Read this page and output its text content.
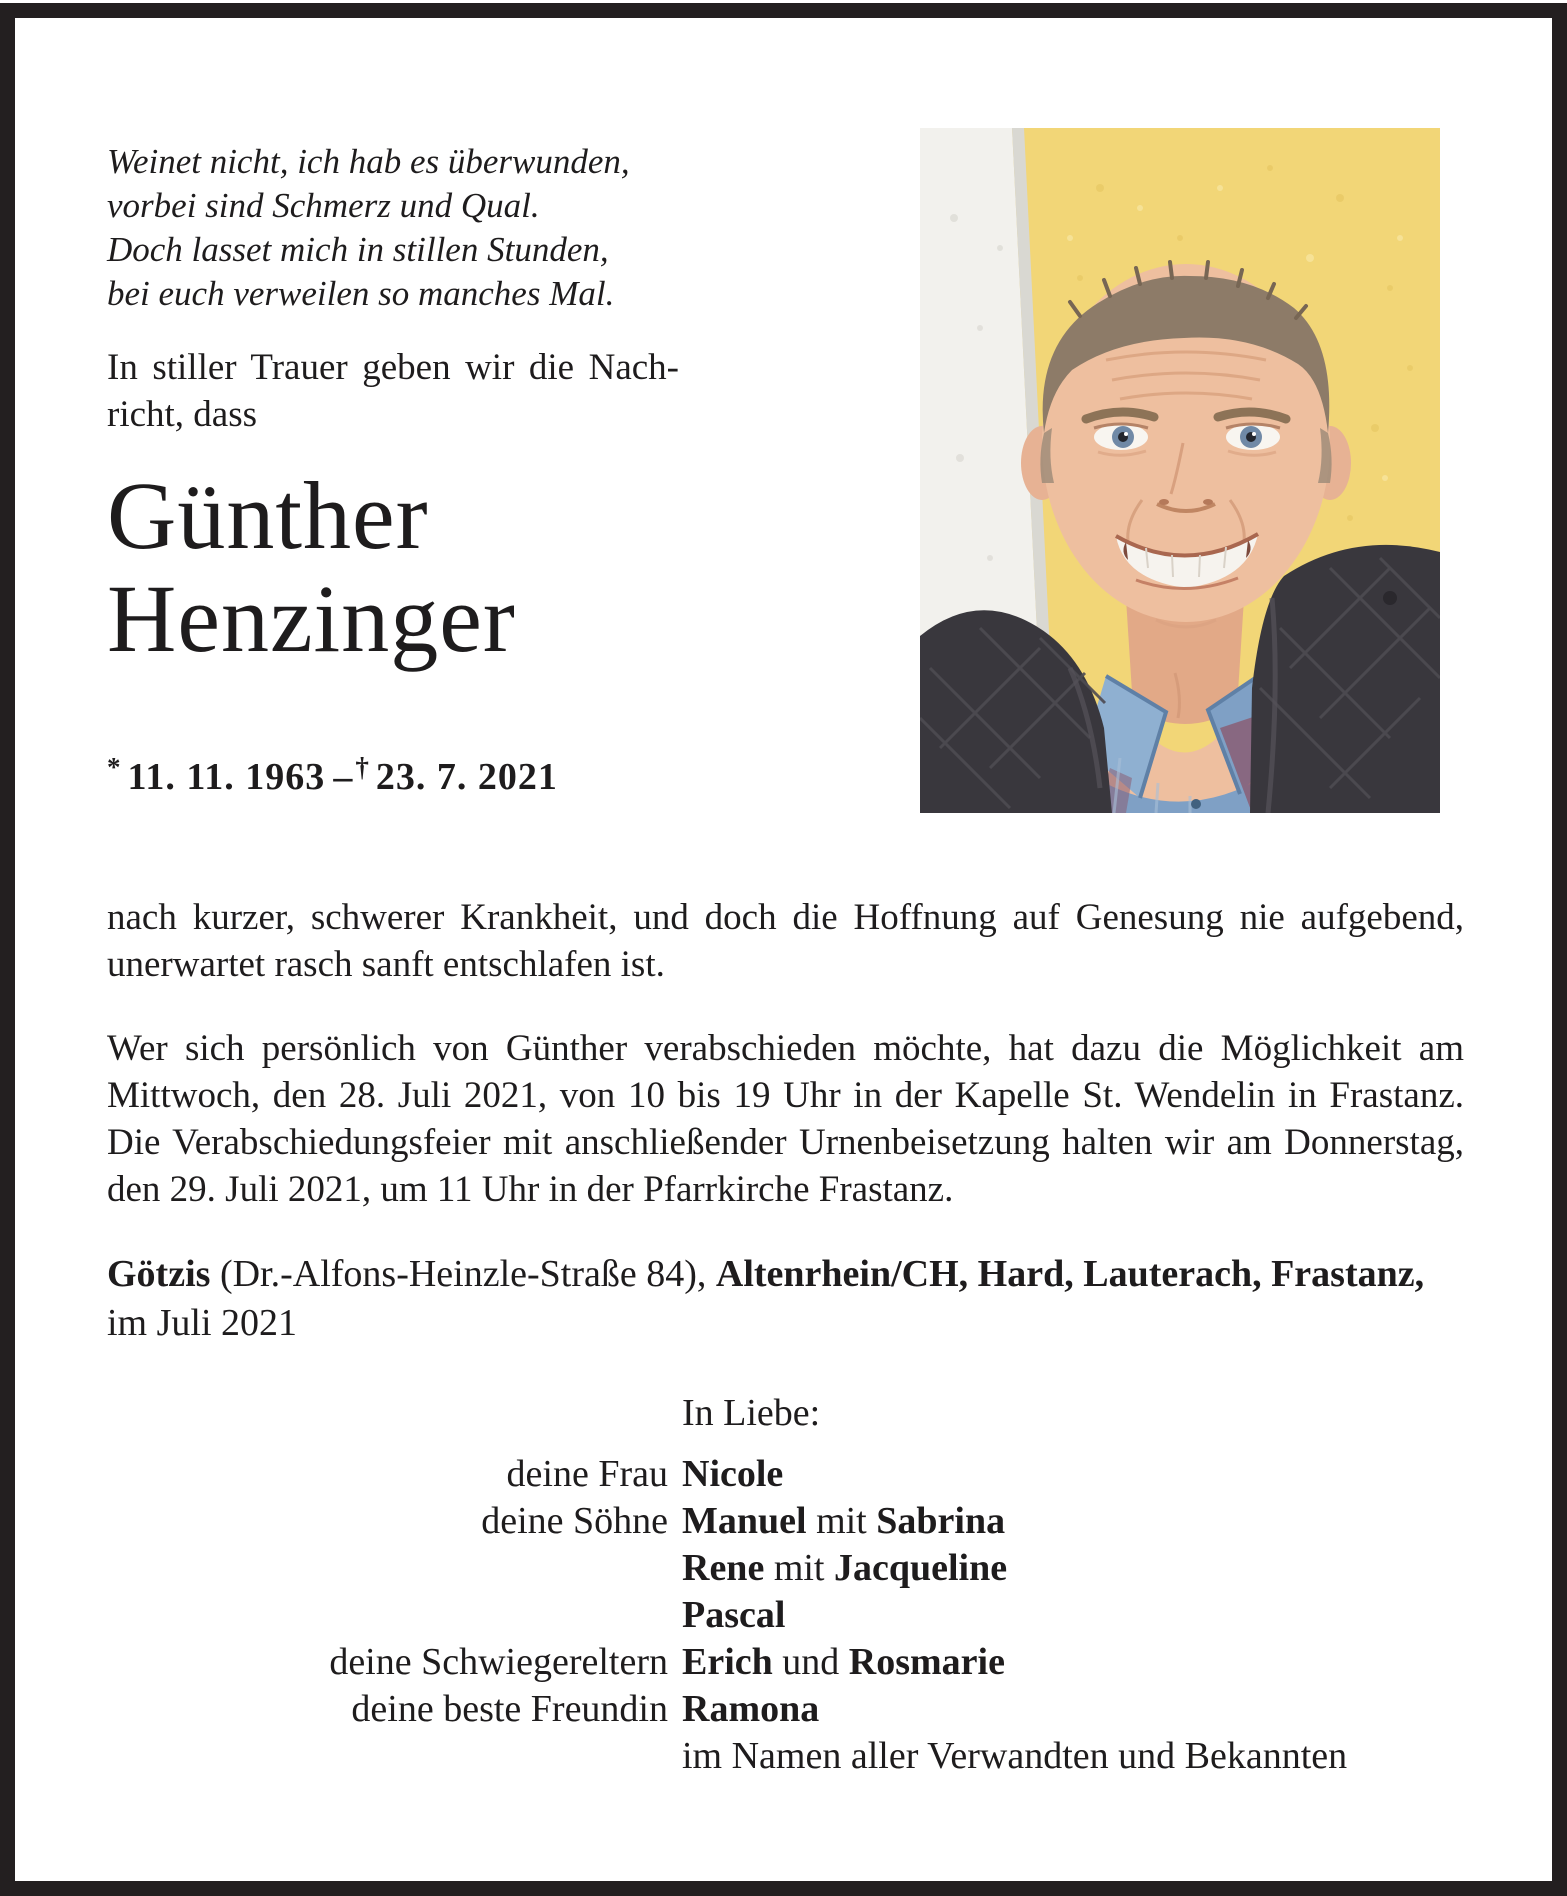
Weinet nicht, ich hab es überwunden,
vorbei sind Schmerz und Qual.
Doch lasset mich in stillen Stunden,
bei euch verweilen so manches Mal.
In stiller Trauer geben wir die Nach-
richt, dass
Günther
Henzinger
* 11. 11. 1963 –† 23. 7. 2021

nach kurzer, schwerer Krankheit, und doch die Hoffnung auf Genesung nie aufgebend, unerwartet rasch sanft entschlafen ist.

Wer sich persönlich von Günther verabschieden möchte, hat dazu die Möglichkeit am Mittwoch, den 28. Juli 2021, von 10 bis 19 Uhr in der Kapelle St. Wendelin in Frastanz. Die Verabschiedungsfeier mit anschließender Urnenbeisetzung halten wir am Donnerstag, den 29. Juli 2021, um 11 Uhr in der Pfarrkirche Frastanz.

Götzis (Dr.-Alfons-Heinzle-Straße 84), Altenrhein/CH, Hard, Lauterach, Frastanz, im Juli 2021
In Liebe:
deine Frau Nicole
deine Söhne Manuel mit Sabrina
Rene mit Jacqueline
Pascal
deine Schwiegereltern Erich und Rosmarie
deine beste Freundin Ramona
im Namen aller Verwandten und Bekannten
